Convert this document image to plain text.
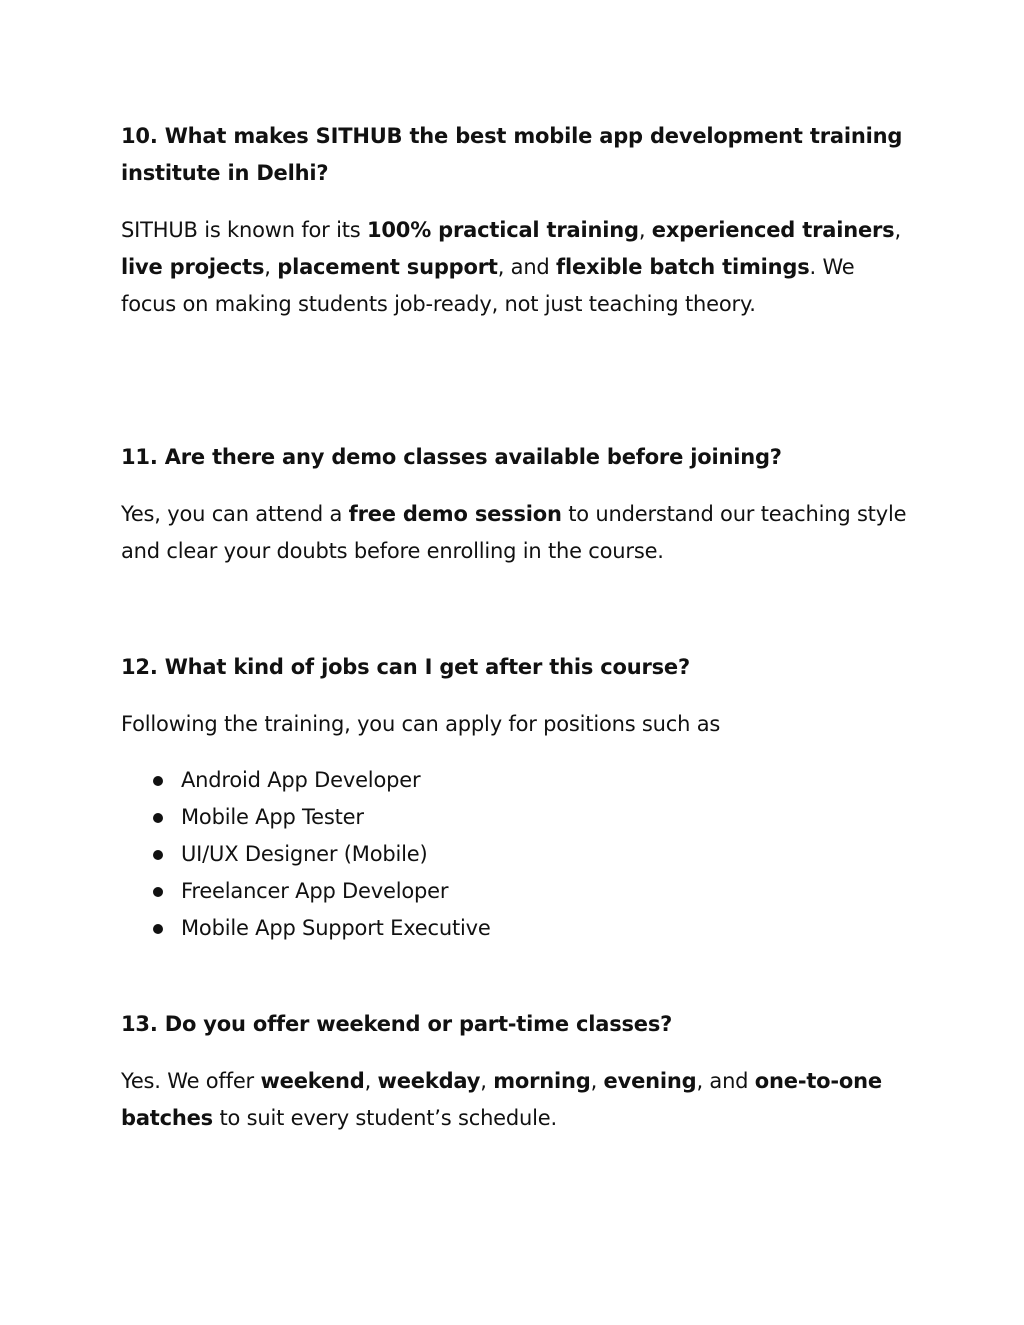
10. What makes SITHUB the best mobile app development training institute in Delhi?

SITHUB is known for its 100% practical training, experienced trainers, live projects, placement support, and flexible batch timings. We focus on making students job-ready, not just teaching theory.

11. Are there any demo classes available before joining?

Yes, you can attend a free demo session to understand our teaching style and clear your doubts before enrolling in the course.

12. What kind of jobs can I get after this course?

Following the training, you can apply for positions such as

Android App Developer
Mobile App Tester
UI/UX Designer (Mobile)
Freelancer App Developer
Mobile App Support Executive
13. Do you offer weekend or part-time classes?

Yes. We offer weekend, weekday, morning, evening, and one-to-one batches to suit every student’s schedule.
